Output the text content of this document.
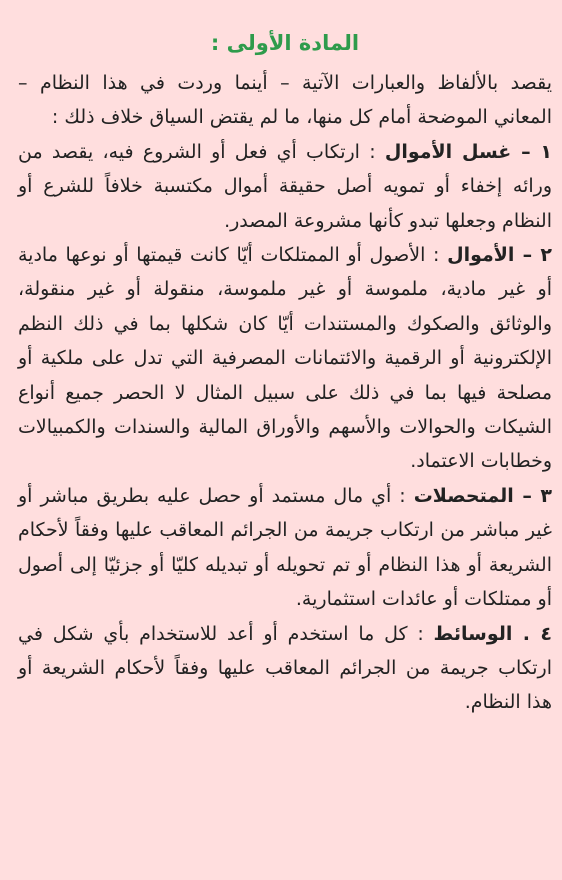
المادة الأولى :

يقصد بالألفاظ والعبارات الآتية – أينما وردت في هذا النظام – المعاني الموضحة أمام كل منها، ما لم يقتض السياق خلاف ذلك :

١ – غسل الأموال : ارتكاب أي فعل أو الشروع فيه، يقصد من ورائه إخفاء أو تمويه أصل حقيقة أموال مكتسبة خلافاً للشرع أو النظام وجعلها تبدو كأنها مشروعة المصدر.

٢ – الأموال : الأصول أو الممتلكات أيّا كانت قيمتها أو نوعها مادية أو غير مادية، ملموسة أو غير ملموسة، منقولة أو غير منقولة، والوثائق والصكوك والمستندات أيّا كان شكلها بما في ذلك النظم الإلكترونية أو الرقمية والائتمانات المصرفية التي تدل على ملكية أو مصلحة فيها بما في ذلك على سبيل المثال لا الحصر جميع أنواع الشيكات والحوالات والأسهم والأوراق المالية والسندات والكمبيالات وخطابات الاعتماد.

٣ – المتحصلات : أي مال مستمد أو حصل عليه بطريق مباشر أو غير مباشر من ارتكاب جريمة من الجرائم المعاقب عليها وفقاً لأحكام الشريعة أو هذا النظام أو تم تحويله أو تبديله كليّا أو جزئيّا إلى أصول أو ممتلكات أو عائدات استثمارية.

٤ . الوسائط : كل ما استخدم أو أعد للاستخدام بأي شكل في ارتكاب جريمة من الجرائم المعاقب عليها وفقاً لأحكام الشريعة أو هذا النظام.
